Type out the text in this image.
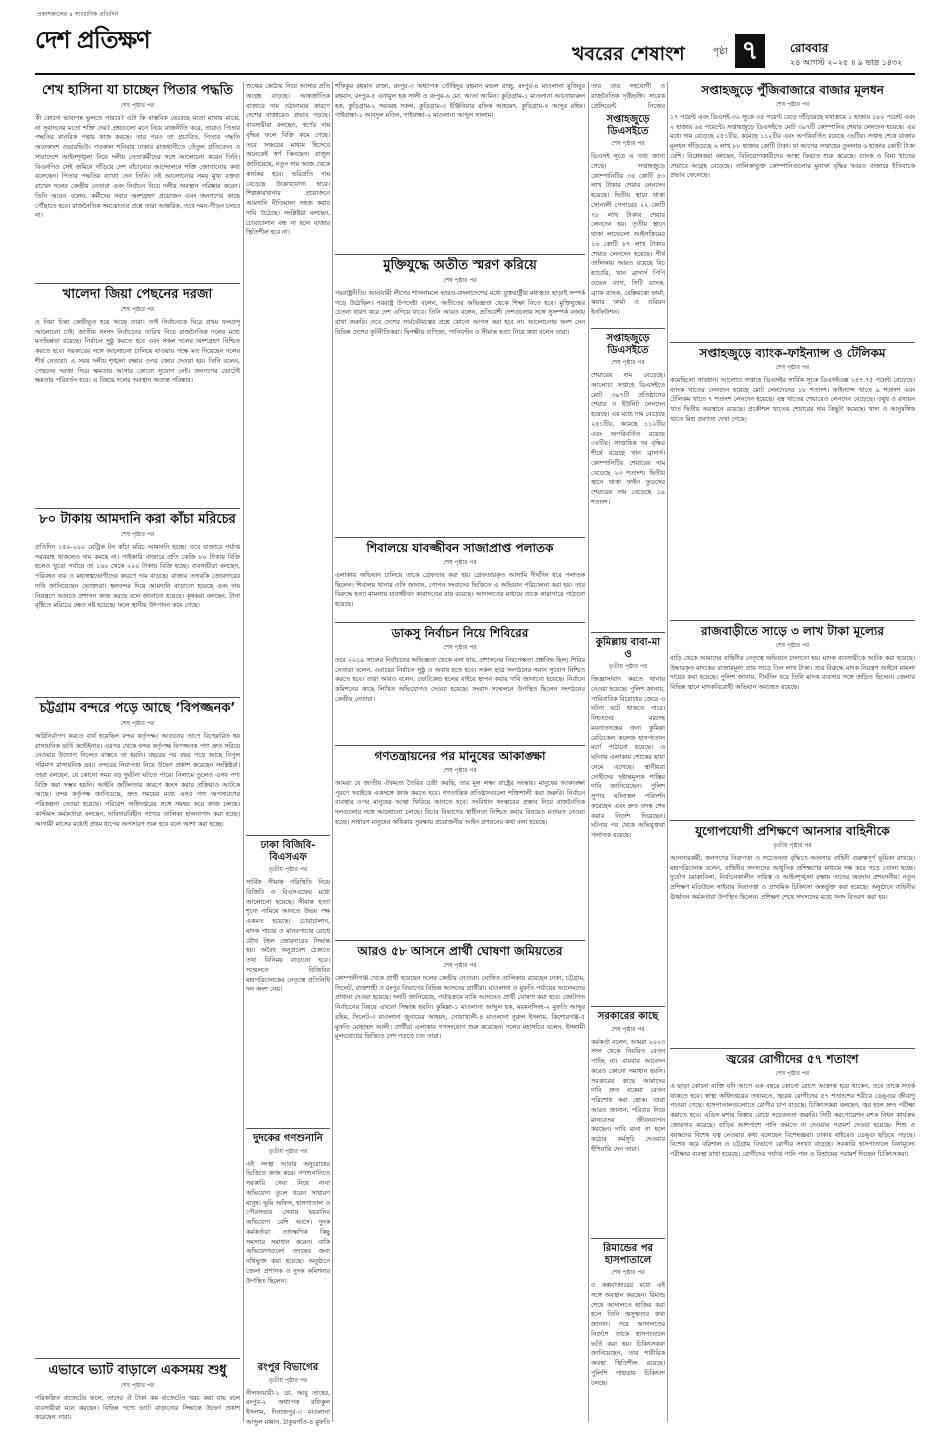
প্রকাশকালের ৪ সাংবাদিক প্রতিদিন
দেশ প্রতিক্ষণ	খবরের শেষাংশ	পৃষ্ঠা ৭	রোববার
২৪ আগস্ট ২০২৫ ॥ ৯ ভাদ্র ১৪৩২
শেখ হাসিনা যা চাচ্ছেন পিতার পদ্ধতি
শেষ পৃষ্ঠার পর
কী কোনো ভাবাপন্ন ভুলতে পারবে? এটা কি বাস্তবিক ভেবেছে মতো মাথায় মাঝে, না সুবাদনের মতো শক্তি দেয়? প্রশ্নগুলো মনে নিয়ে রাজনীতি করে, তারাও পিতার পদ্ধতির মানবিক পন্থায় কাজ করছে। তার পরও তা প্রচারিত, পিতার পদ্ধতি অনেকাংশ ওভারভিউ। গতকাল শনিবার ঢাকার রাজধানীতে তেঁতুল প্রতিবেদন ও সারাদেশে আইনশৃঙ্খলা নিয়ে দলীয় নেতাকর্মীদের সঙ্গে আলোচনা করেন তিনি। বিএনপিও সেই জমিনে দাঁড়িয়ে দেশ বাঁচানোর আন্দোলনে শক্তি জোগানোর কথা বলেছেন। পিতার পদ্ধতির ব্যাখ্যা দেন তিনি। ওই আলোচনার সময় মুখ্য বক্তব্য রাখেন দলের কেন্দ্রীয় নেতারা এবং নির্বাচন নিয়ে দলীয় অবস্থান পরিষ্কার করেন। তিনি আরও বলেন, কর্মীদের সবার অংশগ্রহণ প্রয়োজন এবং জনগণের কাছে পৌঁছাতে হবে। রাজনৈতিক সমঝোতার প্রশ্নে তারা আন্তরিক, তবে দমন-পীড়ন চলবে না।
খালেদা জিয়া পেছনের দরজা
শেষ পৃষ্ঠার পর
ও নিয়া চিন্তা কেন্দ্রীভূত হয়ে আছে তারা। তাই নির্বাচনকে ঘিরে প্রথম ফলপ্রসূ আলোচনা চাই। জাতীয় সংসদ নির্বাচনের তারিখ নিয়ে রাজনৈতিক দলের মধ্যে মতভিন্নতা রয়েছে। নির্বাচন সুষ্ঠু করতে হবে এবং সকল দলের অংশগ্রহণ নিশ্চিত করতে হবে। সরকারের সঙ্গে আলোচনা চালিয়ে যাওয়ার পক্ষে মত দিয়েছেন দলের শীর্ষ নেতারা। এ সময় দলীয় শৃঙ্খলা রক্ষার ওপর জোর দেওয়া হয়। তিনি বলেন, পেছনের দরজা দিয়ে ক্ষমতায় আসার কোনো সুযোগ নেই। জনগণের ভোটেই ক্ষমতার পরিবর্তন হবে। এ বিষয়ে দলের অবস্থান অত্যন্ত পরিষ্কার।
৮০ টাকায় আমদানি করা কাঁচা মরিচের
শেষ পৃষ্ঠার পর
প্রতিদিন ১৫০-২০০ মেট্রিক টন কাঁচা মরিচ আমদানি হচ্ছে। তবে বাজারে পর্যাপ্ত সরবরাহ থাকলেও দাম কমছে না। পাইকারি বাজারে প্রতি কেজি ৮০ টাকায় বিক্রি হলেও খুচরা পর্যায়ে তা ১৬০ থেকে ২০০ টাকায় বিক্রি হচ্ছে। ব্যবসায়ীরা বলছেন, পরিবহন ব্যয় ও মধ্যস্বত্বভোগীদের কারণে দাম বাড়ছে। বাজার তদারকি জোরদারের দাবি জানিয়েছেন ভোক্তারা। স্থলবন্দর দিয়ে আমদানি বাড়ানো হয়েছে এবং দাম নিয়ন্ত্রণে আনতে প্রশাসন কাজ করছে বলে জানানো হয়েছে। কৃষকরা বলছেন, টানা বৃষ্টিতে মরিচের ক্ষেত নষ্ট হয়েছে। ফলে স্থানীয় উৎপাদন কমে গেছে।
চট্টগ্রাম বন্দরে পড়ে আছে ‘বিপজ্জনক’
শেষ পৃষ্ঠার পর
অগ্নিনির্বাপণ করতে ব্যর্থ হয়েছিল বন্দর কর্তৃপক্ষ। আগুনের তাপে বিস্ফোরিত হয় রাসায়নিক ভর্তি কন্টেইনার। এরপর থেকে বন্দর কর্তৃপক্ষ বিপজ্জনক পণ্য দ্রুত সরিয়ে নেওয়ার উদ্যোগ নিলেও বাস্তবে তা হয়নি। বছরের পর বছর পড়ে আছে বিপুল পরিমাণ রাসায়নিক দ্রব্য। বন্দরের নিরাপত্তা নিয়ে উদ্বেগ প্রকাশ করেছেন সংশ্লিষ্টরা। তারা বলছেন, যে কোনো সময় বড় দুর্ঘটনা ঘটতে পারে। নিলামে তুলেও এসব পণ্য বিক্রি করা সম্ভব হয়নি। আইনি জটিলতার কারণে ধ্বংস করার প্রক্রিয়াও আটকে আছে। বন্দর কর্তৃপক্ষ জানিয়েছে, দ্রুত সময়ের মধ্যে এসব পণ্য অপসারণের পরিকল্পনা নেওয়া হয়েছে। পরিবেশ অধিদপ্তরের সঙ্গে সমন্বয় করে কাজ চলছে। কাস্টমস কর্মকর্তারা বলছেন, দাবিদারবিহীন পণ্যের তালিকা হালনাগাদ করা হচ্ছে। আগামী মাসের মধ্যেই প্রথম ধাপের অপসারণ শুরু হবে বলে আশা করা হচ্ছে।
এভাবে ভ্যাট বাড়ালে একসময় শুধু
শেষ পৃষ্ঠার পর
পরিকল্পিত বাজেটের ফলে, তাদের ঐ টাকা কম বাজেটেও খরচ করা যায় বলে ব্যবসায়ীরা মনে করছেন। বিভিন্ন পণ্যে ভ্যাট বাড়ানোর সিদ্ধান্তে উদ্বেগ প্রকাশ করেছেন তারা।
শুল্কের কোঠায় নিয়ে আসার প্রতি আগ্রহ বাড়ছে। আন্তর্জাতিক বাজারে দাম ওঠানামার কারণে দেশের বাজারেও প্রভাব পড়ছে। ব্যবসায়ীরা বলছেন, স্বর্ণের দাম বৃদ্ধির ফলে বিক্রি কমে গেছে। তবে সঞ্চয়ের মাধ্যম হিসেবে অনেকেই স্বর্ণ কিনছেন। বাজুস জানিয়েছে, নতুন দাম আজ থেকে কার্যকর হবে। ভরিপ্রতি দাম বেড়েছে উল্লেখযোগ্য হারে। শিল্পকারখানার প্রয়োজনে আমদানি নীতিমালা সহজ করার দাবি উঠেছে। সংশ্লিষ্টরা বলছেন, চোরাচালান বন্ধ না হলে বাজার স্থিতিশীল হবে না।
ঢাকা বিজিবি-বিএসএফ
তৃতীয় পৃষ্ঠার পর
সার্বিক সীমান্ত পরিস্থিতি নিয়ে বিজিবি ও বিএসএফের মধ্যে আলোচনা হয়েছে। সীমান্ত হত্যা শূন্যে নামিয়ে আনতে উভয় পক্ষ একমত হয়েছে। চোরাচালান, মাদক পাচার ও মানবপাচার রোধে যৌথ টহল জোরদারের সিদ্ধান্ত হয়। অবৈধ অনুপ্রবেশ ঠেকাতে তথ্য বিনিময় বাড়ানো হবে। সম্মেলনে বিজিবির মহাপরিচালকের নেতৃত্বে প্রতিনিধি দল অংশ নেয়।
দুদকের গণশুনানি
তৃতীয় পৃষ্ঠার পর
এই সংস্থা আবার অনুরোধের ভিত্তিতে কাজ করে। গণশুনানিতে সরকারি সেবা নিয়ে নানা অভিযোগ তুলে ধরেন সাধারণ মানুষ। ভূমি অফিস, হাসপাতাল ও পৌরসভার সেবায় হয়রানির অভিযোগ বেশি আসে। দুদক কর্মকর্তারা তাৎক্ষণিক কিছু সমস্যার সমাধান করেন। বাকি অভিযোগগুলো তদন্তের জন্য নথিভুক্ত করা হয়েছে। অনুষ্ঠানে জেলা প্রশাসক ও দুদক কমিশনার উপস্থিত ছিলেন।
শফিকুর রহমান রাজা, রংপুর-৩ অধ্যাপক তৌহিদুর রহমান মন্ডল রাজু, রংপুর-৪ মাওলানা মুজিবুর রহমান, রংপুর-৫ এনামুল হক সালী ও রংপুর-৬ মো. আতা আমিন। কুড়িগ্রাম-১ মাওলানা আনোয়ারুল হক, কুড়িগ্রাম-২ সরবরহ সকল, কুড়িগ্রাম-৩ ইঞ্জিনিয়ার রফিক আহমেদ, কুড়িগ্রাম-৪ আব্দুর রহিম। গাইবান্ধা-১ আবদুল মতিন, গাইবান্ধা-২ মাওলানা আব্দুস সালাম।
মুক্তিযুদ্ধে অতীত স্মরণ করিয়ে
শেষ পৃষ্ঠার পর
পররাষ্ট্রনীতি। আওয়ামী লীগের শাসনামলে ভারত-বাংলাদেশের মধ্যে যুক্তরাষ্ট্রীয় মধ্যস্থতা ছাড়াই সম্পর্ক গড়ে উঠেছিল। পররাষ্ট্র উপদেষ্টা বলেন, অতীতের অভিজ্ঞতা থেকে শিক্ষা নিতে হবে। মুক্তিযুদ্ধের চেতনা ধারণ করে দেশ এগিয়ে যাবে। তিনি আরও বলেন, প্রতিবেশী দেশগুলোর সঙ্গে সুসম্পর্ক বজায় রাখা জরুরি। তবে দেশের সার্বভৌমত্বের প্রশ্নে কোনো আপস করা হবে না। আলোচনায় অংশ নেন বিভিন্ন দেশের কূটনীতিকরা। দ্বিপক্ষীয় বাণিজ্য, পানিবণ্টন ও সীমান্ত হত্যা নিয়ে কথা বলেন তারা।
শিবালয়ে যাবজ্জীবন সাজাপ্রাপ্ত পলাতক
শেষ পৃষ্ঠার পর
এলাকায় অভিযান চালিয়ে তাকে গ্রেফতার করা হয়। গ্রেফতারকৃত আসামি দীর্ঘদিন ধরে পলাতক ছিলেন। শিবালয় থানার ওসি জানান, গোপন সংবাদের ভিত্তিতে এ অভিযান পরিচালনা করা হয়। তার বিরুদ্ধে হত্যা মামলায় যাবজ্জীবন কারাদণ্ডের রায় রয়েছে। আদালতের মাধ্যমে তাকে কারাগারে পাঠানো হয়েছে।
ডাকসু নির্বাচন নিয়ে শিবিরের
শেষ পৃষ্ঠার পর
তবে ২০১৯ সালের নির্বাচনের অভিজ্ঞতা থেকে বলা যায়, প্রশাসনের নিরপেক্ষতা প্রশ্নবিদ্ধ ছিল। শিবির নেতারা বলেন, এবারের নির্বাচন সুষ্ঠু ও অবাধ হতে হবে। সকল ছাত্র সংগঠনের সমান সুযোগ নিশ্চিত করতে হবে। তারা আরও বলেন, ভোটকেন্দ্র হলের বাইরে স্থাপন করার দাবি জানানো হয়েছে। নির্বাচন কমিশনের কাছে লিখিত অভিযোগও দেওয়া হয়েছে। সংবাদ সম্মেলনে উপস্থিত ছিলেন সংগঠনের কেন্দ্রীয় নেতারা।
গণতন্ত্রায়নের পর মানুষের আকাঙ্ক্ষা
শেষ পৃষ্ঠার পর
আমরা যে জাতীয় ঐকমত্য তৈরির চেষ্টা করছি, তার মূল লক্ষ্য রাষ্ট্রের সংস্কার। মানুষের আকাঙ্ক্ষা পূরণে সবাইকে একসঙ্গে কাজ করতে হবে। গণতান্ত্রিক প্রতিষ্ঠানগুলো শক্তিশালী করা জরুরি। নির্বাচন ব্যবস্থার ওপর মানুষের আস্থা ফিরিয়ে আনতে হবে। সংবিধান সংস্কারের প্রস্তাব নিয়ে রাজনৈতিক দলগুলোর সঙ্গে আলোচনা চলছে। বিচার বিভাগের স্বাধীনতা নিশ্চিত করার বিষয়েও মতামত নেওয়া হচ্ছে। সাধারণ মানুষের অধিকার সুরক্ষায় প্রয়োজনীয় আইন প্রণয়নের কথা বলা হয়েছে।
আরও ৫৮ আসনে প্রার্থী ঘোষণা জমিয়তের
শেষ পৃষ্ঠার পর
কোম্পানীগঞ্জ থেকে প্রার্থী হয়েছেন দলের কেন্দ্রীয় নেতারা। ঘোষিত তালিকায় রয়েছেন ঢাকা, চট্টগ্রাম, সিলেট, রাজশাহী ও রংপুর বিভাগের বিভিন্ন আসনের প্রার্থীরা। মাওলানা ও মুফতি পর্যায়ের আলেমদের প্রাধান্য দেওয়া হয়েছে। দলটি জানিয়েছে, পর্যায়ক্রমে বাকি আসনেও প্রার্থী ঘোষণা করা হবে। জোটগত নির্বাচনের বিষয়ে এখনো সিদ্ধান্ত হয়নি। কুমিল্লা-১ মাওলানা আব্দুল হক, ময়মনসিংহ-২ মুফতি আব্দুর রহিম, সিলেট-৩ মাওলানা জুবায়ের আহমদ, নোয়াখালী-৪ মাওলানা নুরুল ইসলাম, কিশোরগঞ্জ-৫ মুফতি মোহাম্মদ আলী। প্রার্থীরা এলাকায় গণসংযোগ শুরু করেছেন। দলের মহাসচিব বলেন, ইসলামী মূল্যবোধের ভিত্তিতে দেশ গড়তে চান তারা।
তার তার সহযোগী ও রাজনৈতিক দৃষ্টিভঙ্গি। সাবেক প্রেসিডেন্ট নিজের
সপ্তাহজুড়ে ডিএসইতে
শেষ পৃষ্ঠার পর
ডিএসই সূত্রে এ তথ্য জানা গেছে। সপ্তাহজুড়ে কোম্পানিটির ৩৫ কোটি ৫৩ লাখ টাকার শেয়ার লেনদেন হয়েছে। দ্বিতীয় স্থানে থাকা সোনালী পেপারের ২২ কোটি ৭৮ লাখ টাকার শেয়ার লেনদেন হয়। তৃতীয় স্থানে থাকা লাভেলো আইসক্রিমের ১৬ কোটি ৮৭ লাখ টাকার শেয়ার লেনদেন হয়েছে। শীর্ষ তালিকায় আরও রয়েছে বিচ হ্যাচারি, খান ব্রাদার্স পিপি ওভেন ব্যাগ, সিটি ব্যাংক, ব্র্যাক ব্যাংক, বেক্সিমকো ফার্মা, স্কয়ার ফার্মা ও ওরিয়ন ইনফিউশন।
সপ্তাহজুড়ে ডিএসইতে
শেষ পৃষ্ঠার পর
শেয়ারের দাম বেড়েছে। আলোচ্য সপ্তাহে ডিএসইতে মোট ৩৯৭টি প্রতিষ্ঠানের শেয়ার ও ইউনিট লেনদেন হয়েছে। এর মধ্যে দাম বেড়েছে ২৫১টির, কমেছে ১১২টির এবং অপরিবর্তিত রয়েছে ৩৪টির। সাপ্তাহিক দর বৃদ্ধির শীর্ষে রয়েছে খান ব্রাদার্স। কোম্পানিটির শেয়ারের দাম বেড়েছে ২৩ শতাংশ। দ্বিতীয় স্থানে থাকা ফাইন ফুডসের শেয়ারের দাম বেড়েছে ১৯ শতাংশ।
কুমিল্লায় বাবা-মা ও
তৃতীয় পৃষ্ঠার পর
জিজ্ঞাসাবাদ করতে থানায় নেওয়া হয়েছে। পুলিশ জানায়, পারিবারিক বিরোধের জেরে এ ঘটনা ঘটে থাকতে পারে। নিহতদের মরদেহ ময়নাতদন্তের জন্য কুমিল্লা মেডিকেল কলেজ হাসপাতাল মর্গে পাঠানো হয়েছে। এ ঘটনায় এলাকায় শোকের ছায়া নেমে এসেছে। স্থানীয়রা দোষীদের দৃষ্টান্তমূলক শাস্তির দাবি জানিয়েছেন। পুলিশ সুপার ঘটনাস্থল পরিদর্শন করেছেন এবং দ্রুত তদন্ত শেষ করার নির্দেশ দিয়েছেন। ঘটনার পর থেকে অভিযুক্তরা পলাতক রয়েছে।
সরকারের কাছে
শেষ পৃষ্ঠার পর
কর্মকর্তা বলেন, আমরা ২০২৩ সাল থেকে নিয়মিত বেতন পাচ্ছি না। বারবার আবেদন করেও কোনো সমাধান হয়নি। সরকারের কাছে আমাদের দাবি দ্রুত বকেয়া বেতন পরিশোধ করা হোক। তারা আরও জানান, পরিবার নিয়ে মানবেতর জীবনযাপন করছেন। দাবি মানা না হলে কঠোর কর্মসূচি দেওয়ার হুঁশিয়ারি দেন তারা।
রিমান্ডের পর হাসপাতালে
শেষ পৃষ্ঠার পর
ও কক্সবাজারের মধ্যে এই সঙ্গে অবস্থান করছেন। রিমান্ড শেষে আদালতে হাজির করা হলে তিনি অসুস্থতার কথা জানান। পরে আদালতের নির্দেশে তাকে হাসপাতালে ভর্তি করা হয়। চিকিৎসকরা জানিয়েছেন, তার শারীরিক অবস্থা স্থিতিশীল রয়েছে। পুলিশি পাহারায় চিকিৎসা চলছে।
সপ্তাহজুড়ে পুঁজিবাজারে বাজার মূলধন
শেষ পৃষ্ঠার পর
১৭ পয়েন্ট এবং ডিএসই-৩০ সূচক ৩৫ পয়েন্ট বেড়ে দাঁড়িয়েছে যথাক্রমে ১ হাজার ১৮০ পয়েন্ট এবং ২ হাজার ৬৫ পয়েন্টে। সপ্তাহজুড়ে ডিএসইতে মোট ৩৯৭টি কোম্পানির শেয়ার লেনদেন হয়েছে। এর মধ্যে দাম বেড়েছে ২৫১টির, কমেছে ১১২টির এবং অপরিবর্তিত রয়েছে ৩৪টির। সপ্তাহ শেষে বাজার মূলধন দাঁড়িয়েছে ৬ লাখ ৮৮ হাজার কোটি টাকা। যা আগের সপ্তাহের তুলনায় ৬ হাজার কোটি টাকা বেশি। বিশ্লেষকরা বলছেন, বিনিয়োগকারীদের আস্থা ফিরতে শুরু করেছে। ব্যাংক ও বিমা খাতের শেয়ারে আগ্রহ বেড়েছে। তালিকাভুক্ত কোম্পানিগুলোর মুনাফা বৃদ্ধির খবরও বাজারে ইতিবাচক প্রভাব ফেলেছে।
সপ্তাহজুড়ে ব্যাংক-ফাইন্যান্স ও টেলিকম
শেষ পৃষ্ঠার পর
কমেছিলো সাবধান। আলোচ্য সপ্তাহে ডিএসইর সার্বিক সূচক ডিএসইএক্স ১৪৭.৭৫ পয়েন্ট বেড়েছে। ব্যাংক খাতের লেনদেন হয়েছে মোট লেনদেনের ১৮ শতাংশ। ফাইন্যান্স খাতে ৯ শতাংশ এবং টেলিকম খাতে ৭ শতাংশ লেনদেন হয়েছে। বস্ত্র খাতের শেয়ারেও লেনদেন বেড়েছে। ওষুধ ও রসায়ন খাত দ্বিতীয় অবস্থানে রয়েছে। প্রকৌশল খাতের শেয়ারের দাম কিছুটা কমেছে। খাদ্য ও আনুষঙ্গিক খাতে মিশ্র প্রবণতা দেখা গেছে।
রাজবাড়ীতে সাড়ে ৩ লাখ টাকা মূল্যের
শেষ পৃষ্ঠার পর
বাড়ি থেকে আমাদের বাহিনীর নেতৃত্বে অভিযান চালানো হয়। মাদক ব্যবসায়ীকে আটক করা হয়েছে। উদ্ধারকৃত মাদকের বাজারমূল্য প্রায় সাড়ে তিন লাখ টাকা। তার বিরুদ্ধে মাদক নিয়ন্ত্রণ আইনে মামলা দায়ের করা হয়েছে। পুলিশ জানায়, দীর্ঘদিন ধরে তিনি মাদক ব্যবসার সঙ্গে জড়িত ছিলেন। জেলার বিভিন্ন স্থানে মাদকবিরোধী অভিযান অব্যাহত রয়েছে।
যুগোপযোগী প্রশিক্ষণে আনসার বাহিনীকে
তৃতীয় পৃষ্ঠার পর
আনসারকর্মী, জনগণের নিরাপত্তা ও সচেতনতা বৃদ্ধিতে আনসার বাহিনী গুরুত্বপূর্ণ ভূমিকা রাখছে। মহাপরিচালক বলেন, বাহিনীর সদস্যদের আধুনিক প্রশিক্ষণের মাধ্যমে দক্ষ করে গড়ে তোলা হচ্ছে। দুর্যোগ মোকাবিলা, নির্বাচনকালীন দায়িত্ব ও আইনশৃঙ্খলা রক্ষায় তাদের অবদান প্রশংসনীয়। নতুন প্রশিক্ষণ মডিউলে সাইবার নিরাপত্তা ও প্রাথমিক চিকিৎসা অন্তর্ভুক্ত করা হয়েছে। অনুষ্ঠানে বাহিনীর ঊর্ধ্বতন কর্মকর্তারা উপস্থিত ছিলেন। প্রশিক্ষণ শেষে সদস্যদের মধ্যে সনদ বিতরণ করা হয়।
জ্বরের রোগীদের ৫৭ শতাংশ
শেষ পৃষ্ঠার পর
এ ছাড়া কোনো ব্যক্তি যদি আগে এক বছরে কোনো রোগে আক্রান্ত হয়ে থাকেন, তবে তাকে সতর্ক থাকতে হবে। স্বাস্থ্য অধিদপ্তরের তথ্যমতে, জ্বরের রোগীদের ৫৭ শতাংশের শরীরে ডেঙ্গুর জীবাণু পাওয়া গেছে। হাসপাতালগুলোতে রোগীর চাপ বাড়ছে। চিকিৎসকরা বলছেন, জ্বর হলে দ্রুত পরীক্ষা করাতে হবে। এডিস মশার বিস্তার রোধে সচেতনতা জরুরি। সিটি করপোরেশন মশক নিধন কার্যক্রম জোরদার করেছে। বাড়ির আশপাশে পানি জমতে না দেওয়ার পরামর্শ দেওয়া হয়েছে। শিশু ও বয়স্কদের বিশেষ যত্ন নেওয়ার কথা বলেছেন বিশেষজ্ঞরা। ঢাকার বাইরেও ডেঙ্গু ছড়িয়ে পড়ছে। বিশেষ করে বরিশাল ও চট্টগ্রাম বিভাগে রোগীর সংখ্যা বাড়ছে। সরকারি হাসপাতালে বিনামূল্যে পরীক্ষার ব্যবস্থা রাখা হয়েছে। রোগীদের পর্যাপ্ত পানি পান ও বিশ্রামের পরামর্শ দিচ্ছেন চিকিৎসকরা।
রংপুর বিভাগের
তৃতীয় পৃষ্ঠার পর
নীলফামারী-১ ডা. আবু তাহের, রংপুর-২ অধ্যাপক রফিকুল ইসলাম, দিনাজপুর-৩ মাওলানা আব্দুল মান্নান, ঠাকুরগাঁও-৪ মুফতি
